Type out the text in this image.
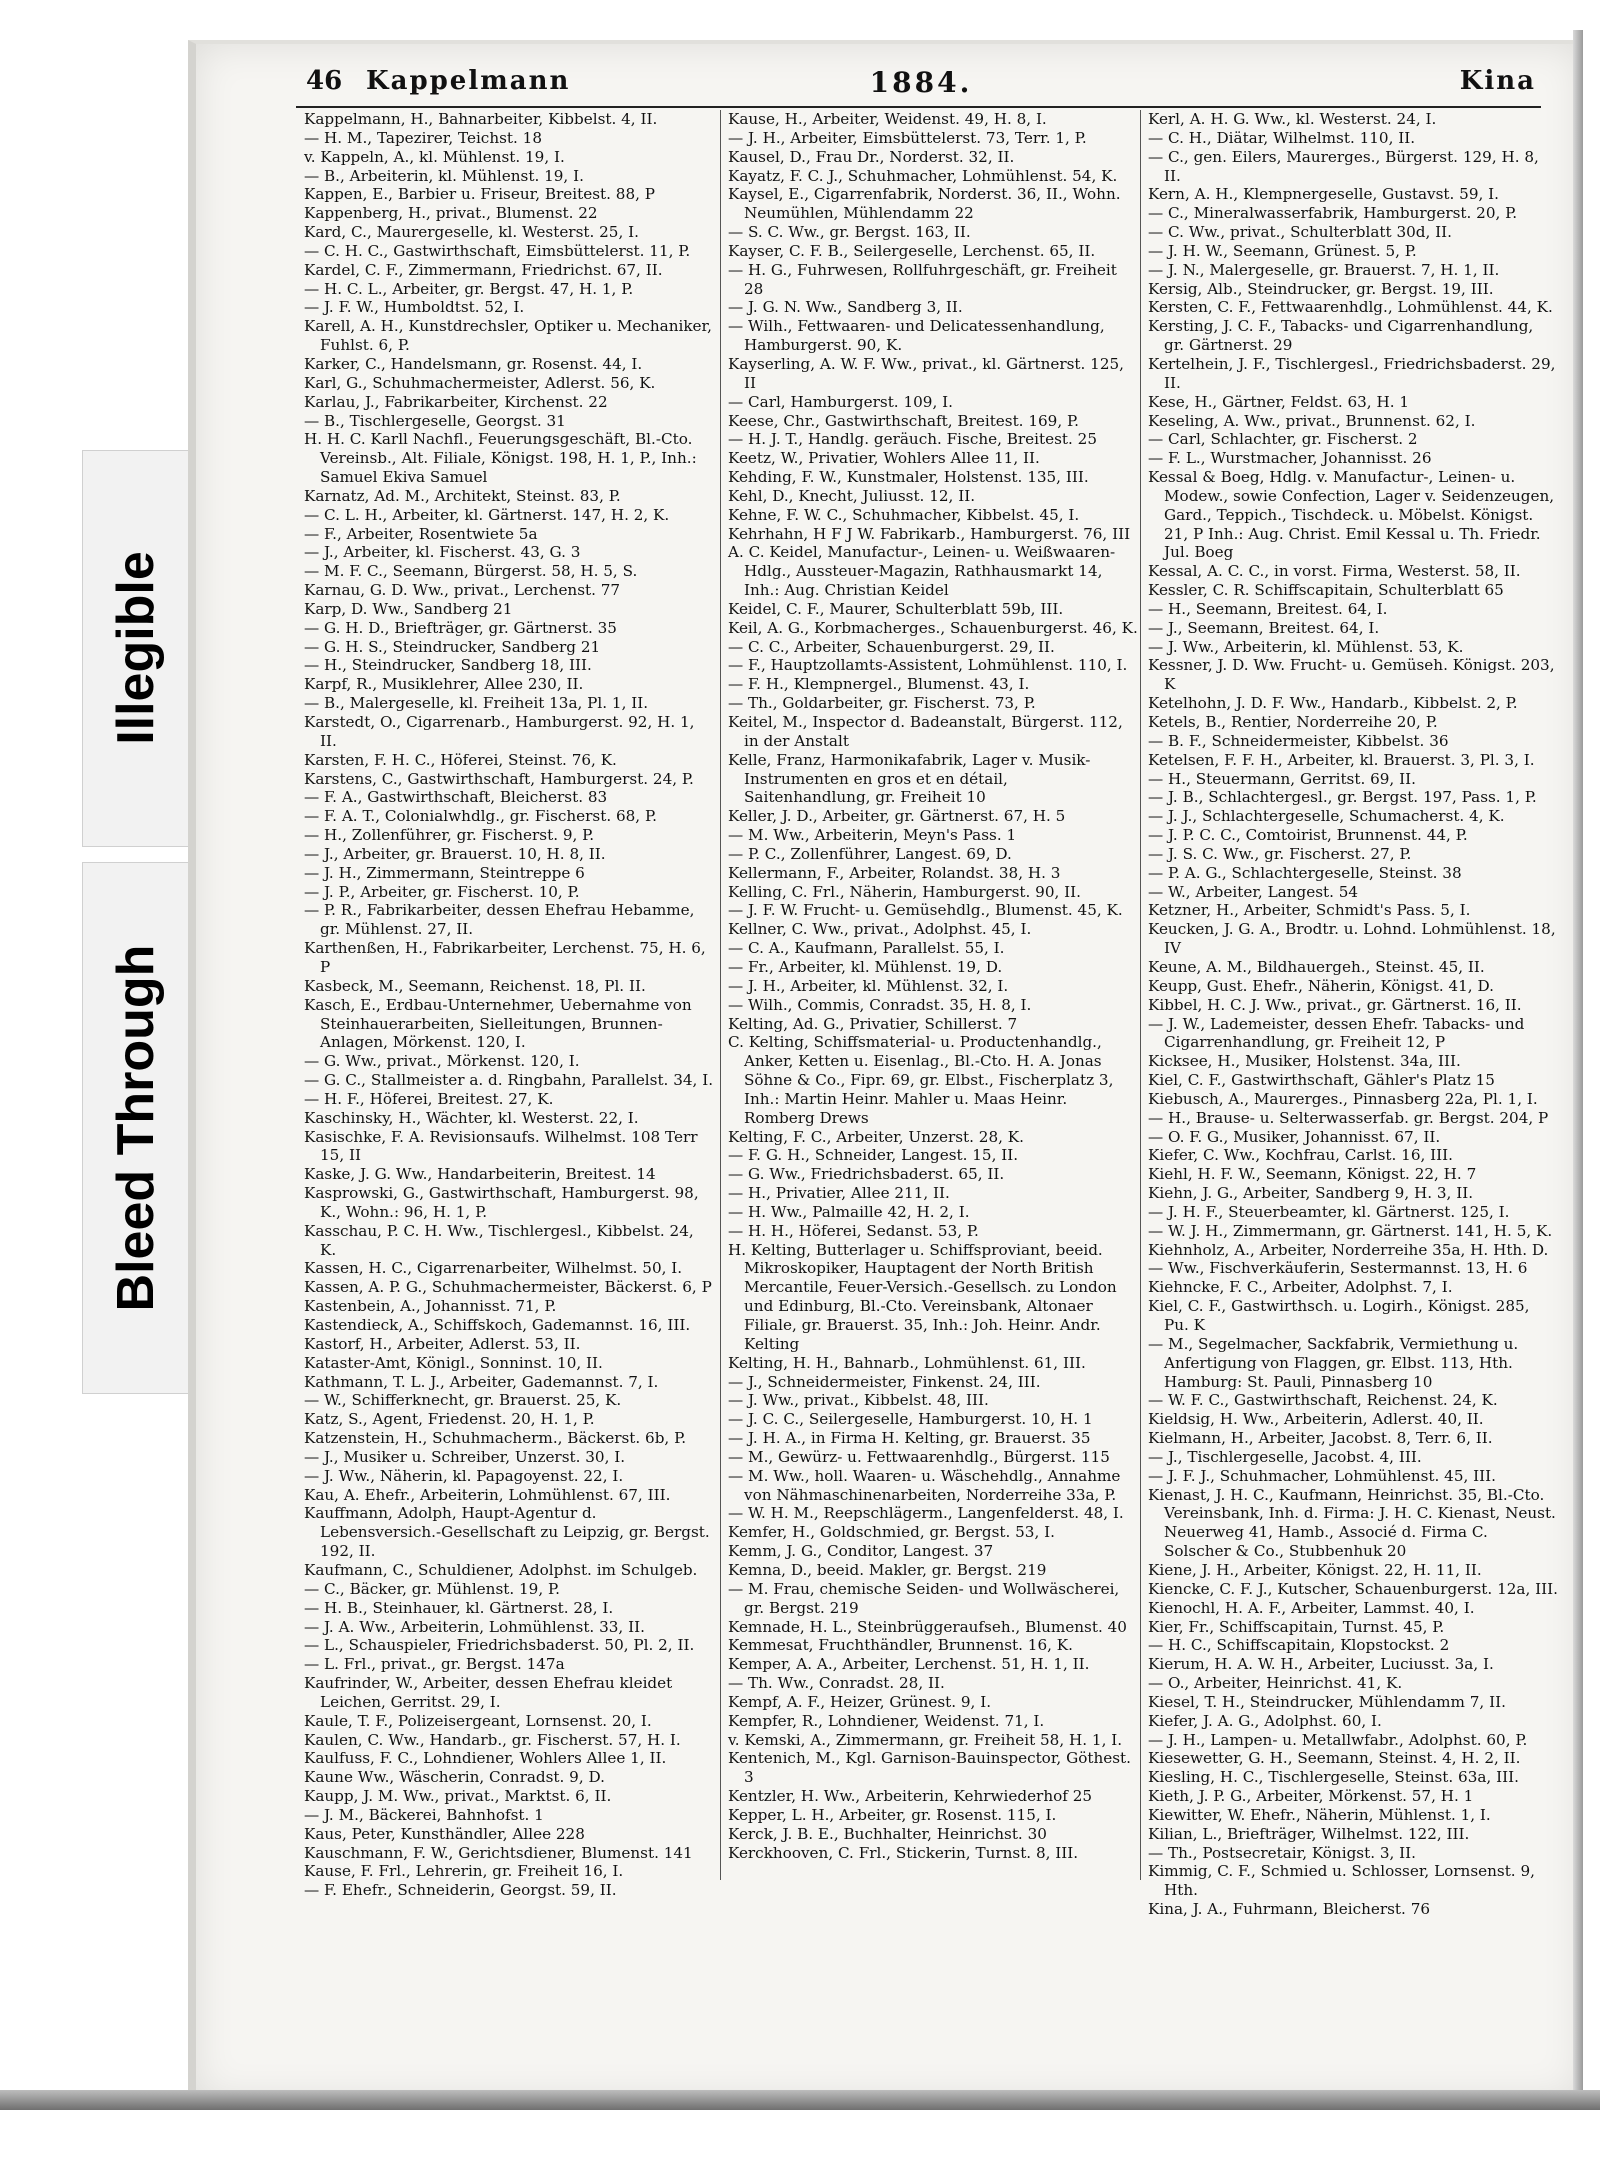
Illegible
Bleed Through
46 Kappelmann	1884.	Kina
Kappelmann, H., Bahnarbeiter, Kibbelst. 4, II.
— H. M., Tapezirer, Teichst. 18
v. Kappeln, A., kl. Mühlenst. 19, I.
— B., Arbeiterin, kl. Mühlenst. 19, I.
Kappen, E., Barbier u. Friseur, Breitest. 88, P
Kappenberg, H., privat., Blumenst. 22
Kard, C., Maurergeselle, kl. Westerst. 25, I.
— C. H. C., Gastwirthschaft, Eimsbüttelerst. 11, P.
Kardel, C. F., Zimmermann, Friedrichst. 67, II.
— H. C. L., Arbeiter, gr. Bergst. 47, H. 1, P.
— J. F. W., Humboldtst. 52, I.
Karell, A. H., Kunstdrechsler, Optiker u. Mechaniker, Fuhlst. 6, P.
Karker, C., Handelsmann, gr. Rosenst. 44, I.
Karl, G., Schuhmachermeister, Adlerst. 56, K.
Karlau, J., Fabrikarbeiter, Kirchenst. 22
— B., Tischlergeselle, Georgst. 31
H. H. C. Karll Nachfl., Feuerungsgeschäft, Bl.-Cto. Vereinsb., Alt. Filiale, Königst. 198, H. 1, P., Inh.: Samuel Ekiva Samuel
Karnatz, Ad. M., Architekt, Steinst. 83, P.
— C. L. H., Arbeiter, kl. Gärtnerst. 147, H. 2, K.
— F., Arbeiter, Rosentwiete 5a
— J., Arbeiter, kl. Fischerst. 43, G. 3
— M. F. C., Seemann, Bürgerst. 58, H. 5, S.
Karnau, G. D. Ww., privat., Lerchenst. 77
Karp, D. Ww., Sandberg 21
— G. H. D., Briefträger, gr. Gärtnerst. 35
— G. H. S., Steindrucker, Sandberg 21
— H., Steindrucker, Sandberg 18, III.
Karpf, R., Musiklehrer, Allee 230, II.
— B., Malergeselle, kl. Freiheit 13a, Pl. 1, II.
Karstedt, O., Cigarrenarb., Hamburgerst. 92, H. 1, II.
Karsten, F. H. C., Höferei, Steinst. 76, K.
Karstens, C., Gastwirthschaft, Hamburgerst. 24, P.
— F. A., Gastwirthschaft, Bleicherst. 83
— F. A. T., Colonialwhdlg., gr. Fischerst. 68, P.
— H., Zollenführer, gr. Fischerst. 9, P.
— J., Arbeiter, gr. Brauerst. 10, H. 8, II.
— J. H., Zimmermann, Steintreppe 6
— J. P., Arbeiter, gr. Fischerst. 10, P.
— P. R., Fabrikarbeiter, dessen Ehefrau Hebamme, gr. Mühlenst. 27, II.
Karthenßen, H., Fabrikarbeiter, Lerchenst. 75, H. 6, P
Kasbeck, M., Seemann, Reichenst. 18, Pl. II.
Kasch, E., Erdbau-Unternehmer, Uebernahme von Steinhauerarbeiten, Sielleitungen, Brunnen-Anlagen, Mörkenst. 120, I.
— G. Ww., privat., Mörkenst. 120, I.
— G. C., Stallmeister a. d. Ringbahn, Parallelst. 34, I.
— H. F., Höferei, Breitest. 27, K.
Kaschinsky, H., Wächter, kl. Westerst. 22, I.
Kasischke, F. A. Revisionsaufs. Wilhelmst. 108 Terr 15, II
Kaske, J. G. Ww., Handarbeiterin, Breitest. 14
Kasprowski, G., Gastwirthschaft, Hamburgerst. 98, K., Wohn.: 96, H. 1, P.
Kasschau, P. C. H. Ww., Tischlergesl., Kibbelst. 24, K.
Kassen, H. C., Cigarrenarbeiter, Wilhelmst. 50, I.
Kassen, A. P. G., Schuhmachermeister, Bäckerst. 6, P
Kastenbein, A., Johannisst. 71, P.
Kastendieck, A., Schiffskoch, Gademannst. 16, III.
Kastorf, H., Arbeiter, Adlerst. 53, II.
Kataster-Amt, Königl., Sonninst. 10, II.
Kathmann, T. L. J., Arbeiter, Gademannst. 7, I.
— W., Schifferknecht, gr. Brauerst. 25, K.
Katz, S., Agent, Friedenst. 20, H. 1, P.
Katzenstein, H., Schuhmacherm., Bäckerst. 6b, P.
— J., Musiker u. Schreiber, Unzerst. 30, I.
— J. Ww., Näherin, kl. Papagoyenst. 22, I.
Kau, A. Ehefr., Arbeiterin, Lohmühlenst. 67, III.
Kauffmann, Adolph, Haupt-Agentur d. Lebensversich.-Gesellschaft zu Leipzig, gr. Bergst. 192, II.
Kaufmann, C., Schuldiener, Adolphst. im Schulgeb.
— C., Bäcker, gr. Mühlenst. 19, P.
— H. B., Steinhauer, kl. Gärtnerst. 28, I.
— J. A. Ww., Arbeiterin, Lohmühlenst. 33, II.
— L., Schauspieler, Friedrichsbaderst. 50, Pl. 2, II.
— L. Frl., privat., gr. Bergst. 147a
Kaufrinder, W., Arbeiter, dessen Ehefrau kleidet Leichen, Gerritst. 29, I.
Kaule, T. F., Polizeisergeant, Lornsenst. 20, I.
Kaulen, C. Ww., Handarb., gr. Fischerst. 57, H. I.
Kaulfuss, F. C., Lohndiener, Wohlers Allee 1, II.
Kaune Ww., Wäscherin, Conradst. 9, D.
Kaupp, J. M. Ww., privat., Marktst. 6, II.
— J. M., Bäckerei, Bahnhofst. 1
Kaus, Peter, Kunsthändler, Allee 228
Kauschmann, F. W., Gerichtsdiener, Blumenst. 141
Kause, F. Frl., Lehrerin, gr. Freiheit 16, I.
— F. Ehefr., Schneiderin, Georgst. 59, II.
Kause, H., Arbeiter, Weidenst. 49, H. 8, I.
— J. H., Arbeiter, Eimsbüttelerst. 73, Terr. 1, P.
Kausel, D., Frau Dr., Norderst. 32, II.
Kayatz, F. C. J., Schuhmacher, Lohmühlenst. 54, K.
Kaysel, E., Cigarrenfabrik, Norderst. 36, II., Wohn. Neumühlen, Mühlendamm 22
— S. C. Ww., gr. Bergst. 163, II.
Kayser, C. F. B., Seilergeselle, Lerchenst. 65, II.
— H. G., Fuhrwesen, Rollfuhrgeschäft, gr. Freiheit 28
— J. G. N. Ww., Sandberg 3, II.
— Wilh., Fettwaaren- und Delicatessenhandlung, Hamburgerst. 90, K.
Kayserling, A. W. F. Ww., privat., kl. Gärtnerst. 125, II
— Carl, Hamburgerst. 109, I.
Keese, Chr., Gastwirthschaft, Breitest. 169, P.
— H. J. T., Handlg. geräuch. Fische, Breitest. 25
Keetz, W., Privatier, Wohlers Allee 11, II.
Kehding, F. W., Kunstmaler, Holstenst. 135, III.
Kehl, D., Knecht, Juliusst. 12, II.
Kehne, F. W. C., Schuhmacher, Kibbelst. 45, I.
Kehrhahn, H F J W. Fabrikarb., Hamburgerst. 76, III
A. C. Keidel, Manufactur-, Leinen- u. Weißwaaren-Hdlg., Aussteuer-Magazin, Rathhausmarkt 14, Inh.: Aug. Christian Keidel
Keidel, C. F., Maurer, Schulterblatt 59b, III.
Keil, A. G., Korbmacherges., Schauenburgerst. 46, K.
— C. C., Arbeiter, Schauenburgerst. 29, II.
— F., Hauptzollamts-Assistent, Lohmühlenst. 110, I.
— F. H., Klempnergel., Blumenst. 43, I.
— Th., Goldarbeiter, gr. Fischerst. 73, P.
Keitel, M., Inspector d. Badeanstalt, Bürgerst. 112, in der Anstalt
Kelle, Franz, Harmonikafabrik, Lager v. Musik-Instrumenten en gros et en détail, Saitenhandlung, gr. Freiheit 10
Keller, J. D., Arbeiter, gr. Gärtnerst. 67, H. 5
— M. Ww., Arbeiterin, Meyn's Pass. 1
— P. C., Zollenführer, Langest. 69, D.
Kellermann, F., Arbeiter, Rolandst. 38, H. 3
Kelling, C. Frl., Näherin, Hamburgerst. 90, II.
— J. F. W. Frucht- u. Gemüsehdlg., Blumenst. 45, K.
Kellner, C. Ww., privat., Adolphst. 45, I.
— C. A., Kaufmann, Parallelst. 55, I.
— Fr., Arbeiter, kl. Mühlenst. 19, D.
— J. H., Arbeiter, kl. Mühlenst. 32, I.
— Wilh., Commis, Conradst. 35, H. 8, I.
Kelting, Ad. G., Privatier, Schillerst. 7
C. Kelting, Schiffsmaterial- u. Productenhandlg., Anker, Ketten u. Eisenlag., Bl.-Cto. H. A. Jonas Söhne & Co., Fipr. 69, gr. Elbst., Fischerplatz 3, Inh.: Martin Heinr. Mahler u. Maas Heinr. Romberg Drews
Kelting, F. C., Arbeiter, Unzerst. 28, K.
— F. G. H., Schneider, Langest. 15, II.
— G. Ww., Friedrichsbaderst. 65, II.
— H., Privatier, Allee 211, II.
— H. Ww., Palmaille 42, H. 2, I.
— H. H., Höferei, Sedanst. 53, P.
H. Kelting, Butterlager u. Schiffsproviant, beeid. Mikroskopiker, Hauptagent der North British Mercantile, Feuer-Versich.-Gesellsch. zu London und Edinburg, Bl.-Cto. Vereinsbank, Altonaer Filiale, gr. Brauerst. 35, Inh.: Joh. Heinr. Andr. Kelting
Kelting, H. H., Bahnarb., Lohmühlenst. 61, III.
— J., Schneidermeister, Finkenst. 24, III.
— J. Ww., privat., Kibbelst. 48, III.
— J. C. C., Seilergeselle, Hamburgerst. 10, H. 1
— J. H. A., in Firma H. Kelting, gr. Brauerst. 35
— M., Gewürz- u. Fettwaarenhdlg., Bürgerst. 115
— M. Ww., holl. Waaren- u. Wäschehdlg., Annahme von Nähmaschinenarbeiten, Norderreihe 33a, P.
— W. H. M., Reepschlägerm., Langenfelderst. 48, I.
Kemfer, H., Goldschmied, gr. Bergst. 53, I.
Kemm, J. G., Conditor, Langest. 37
Kemna, D., beeid. Makler, gr. Bergst. 219
— M. Frau, chemische Seiden- und Wollwäscherei, gr. Bergst. 219
Kemnade, H. L., Steinbrüggeraufseh., Blumenst. 40
Kemmesat, Fruchthändler, Brunnenst. 16, K.
Kemper, A. A., Arbeiter, Lerchenst. 51, H. 1, II.
— Th. Ww., Conradst. 28, II.
Kempf, A. F., Heizer, Grünest. 9, I.
Kempfer, R., Lohndiener, Weidenst. 71, I.
v. Kemski, A., Zimmermann, gr. Freiheit 58, H. 1, I.
Kentenich, M., Kgl. Garnison-Bauinspector, Göthest. 3
Kentzler, H. Ww., Arbeiterin, Kehrwiederhof 25
Kepper, L. H., Arbeiter, gr. Rosenst. 115, I.
Kerck, J. B. E., Buchhalter, Heinrichst. 30
Kerckhooven, C. Frl., Stickerin, Turnst. 8, III.
Kerl, A. H. G. Ww., kl. Westerst. 24, I.
— C. H., Diätar, Wilhelmst. 110, II.
— C., gen. Eilers, Maurerges., Bürgerst. 129, H. 8, II.
Kern, A. H., Klempnergeselle, Gustavst. 59, I.
— C., Mineralwasserfabrik, Hamburgerst. 20, P.
— C. Ww., privat., Schulterblatt 30d, II.
— J. H. W., Seemann, Grünest. 5, P.
— J. N., Malergeselle, gr. Brauerst. 7, H. 1, II.
Kersig, Alb., Steindrucker, gr. Bergst. 19, III.
Kersten, C. F., Fettwaarenhdlg., Lohmühlenst. 44, K.
Kersting, J. C. F., Tabacks- und Cigarrenhandlung, gr. Gärtnerst. 29
Kertelhein, J. F., Tischlergesl., Friedrichsbaderst. 29, II.
Kese, H., Gärtner, Feldst. 63, H. 1
Keseling, A. Ww., privat., Brunnenst. 62, I.
— Carl, Schlachter, gr. Fischerst. 2
— F. L., Wurstmacher, Johannisst. 26
Kessal & Boeg, Hdlg. v. Manufactur-, Leinen- u. Modew., sowie Confection, Lager v. Seidenzeugen, Gard., Teppich., Tischdeck. u. Möbelst. Königst. 21, P Inh.: Aug. Christ. Emil Kessal u. Th. Friedr. Jul. Boeg
Kessal, A. C. C., in vorst. Firma, Westerst. 58, II.
Kessler, C. R. Schiffscapitain, Schulterblatt 65
— H., Seemann, Breitest. 64, I.
— J., Seemann, Breitest. 64, I.
— J. Ww., Arbeiterin, kl. Mühlenst. 53, K.
Kessner, J. D. Ww. Frucht- u. Gemüseh. Königst. 203, K
Ketelhohn, J. D. F. Ww., Handarb., Kibbelst. 2, P.
Ketels, B., Rentier, Norderreihe 20, P.
— B. F., Schneidermeister, Kibbelst. 36
Ketelsen, F. F. H., Arbeiter, kl. Brauerst. 3, Pl. 3, I.
— H., Steuermann, Gerritst. 69, II.
— J. B., Schlachtergesl., gr. Bergst. 197, Pass. 1, P.
— J. J., Schlachtergeselle, Schumacherst. 4, K.
— J. P. C. C., Comtoirist, Brunnenst. 44, P.
— J. S. C. Ww., gr. Fischerst. 27, P.
— P. A. G., Schlachtergeselle, Steinst. 38
— W., Arbeiter, Langest. 54
Ketzner, H., Arbeiter, Schmidt's Pass. 5, I.
Keucken, J. G. A., Brodtr. u. Lohnd. Lohmühlenst. 18, IV
Keune, A. M., Bildhauergeh., Steinst. 45, II.
Keupp, Gust. Ehefr., Näherin, Königst. 41, D.
Kibbel, H. C. J. Ww., privat., gr. Gärtnerst. 16, II.
— J. W., Lademeister, dessen Ehefr. Tabacks- und Cigarrenhandlung, gr. Freiheit 12, P
Kicksee, H., Musiker, Holstenst. 34a, III.
Kiel, C. F., Gastwirthschaft, Gähler's Platz 15
Kiebusch, A., Maurerges., Pinnasberg 22a, Pl. 1, I.
— H., Brause- u. Selterwasserfab. gr. Bergst. 204, P
— O. F. G., Musiker, Johannisst. 67, II.
Kiefer, C. Ww., Kochfrau, Carlst. 16, III.
Kiehl, H. F. W., Seemann, Königst. 22, H. 7
Kiehn, J. G., Arbeiter, Sandberg 9, H. 3, II.
— J. H. F., Steuerbeamter, kl. Gärtnerst. 125, I.
— W. J. H., Zimmermann, gr. Gärtnerst. 141, H. 5, K.
Kiehnholz, A., Arbeiter, Norderreihe 35a, H. Hth. D.
— Ww., Fischverkäuferin, Sestermannst. 13, H. 6
Kiehncke, F. C., Arbeiter, Adolphst. 7, I.
Kiel, C. F., Gastwirthsch. u. Logirh., Königst. 285, Pu. K
— M., Segelmacher, Sackfabrik, Vermiethung u. Anfertigung von Flaggen, gr. Elbst. 113, Hth. Hamburg: St. Pauli, Pinnasberg 10
— W. F. C., Gastwirthschaft, Reichenst. 24, K.
Kieldsig, H. Ww., Arbeiterin, Adlerst. 40, II.
Kielmann, H., Arbeiter, Jacobst. 8, Terr. 6, II.
— J., Tischlergeselle, Jacobst. 4, III.
— J. F. J., Schuhmacher, Lohmühlenst. 45, III.
Kienast, J. H. C., Kaufmann, Heinrichst. 35, Bl.-Cto. Vereinsbank, Inh. d. Firma: J. H. C. Kienast, Neust. Neuerweg 41, Hamb., Associé d. Firma C. Solscher & Co., Stubbenhuk 20
Kiene, J. H., Arbeiter, Königst. 22, H. 11, II.
Kiencke, C. F. J., Kutscher, Schauenburgerst. 12a, III.
Kienochl, H. A. F., Arbeiter, Lammst. 40, I.
Kier, Fr., Schiffscapitain, Turnst. 45, P.
— H. C., Schiffscapitain, Klopstockst. 2
Kierum, H. A. W. H., Arbeiter, Luciusst. 3a, I.
— O., Arbeiter, Heinrichst. 41, K.
Kiesel, T. H., Steindrucker, Mühlendamm 7, II.
Kiefer, J. A. G., Adolphst. 60, I.
— J. H., Lampen- u. Metallwfabr., Adolphst. 60, P.
Kiesewetter, G. H., Seemann, Steinst. 4, H. 2, II.
Kiesling, H. C., Tischlergeselle, Steinst. 63a, III.
Kieth, J. P. G., Arbeiter, Mörkenst. 57, H. 1
Kiewitter, W. Ehefr., Näherin, Mühlenst. 1, I.
Kilian, L., Briefträger, Wilhelmst. 122, III.
— Th., Postsecretair, Königst. 3, II.
Kimmig, C. F., Schmied u. Schlosser, Lornsenst. 9, Hth.
Kina, J. A., Fuhrmann, Bleicherst. 76
